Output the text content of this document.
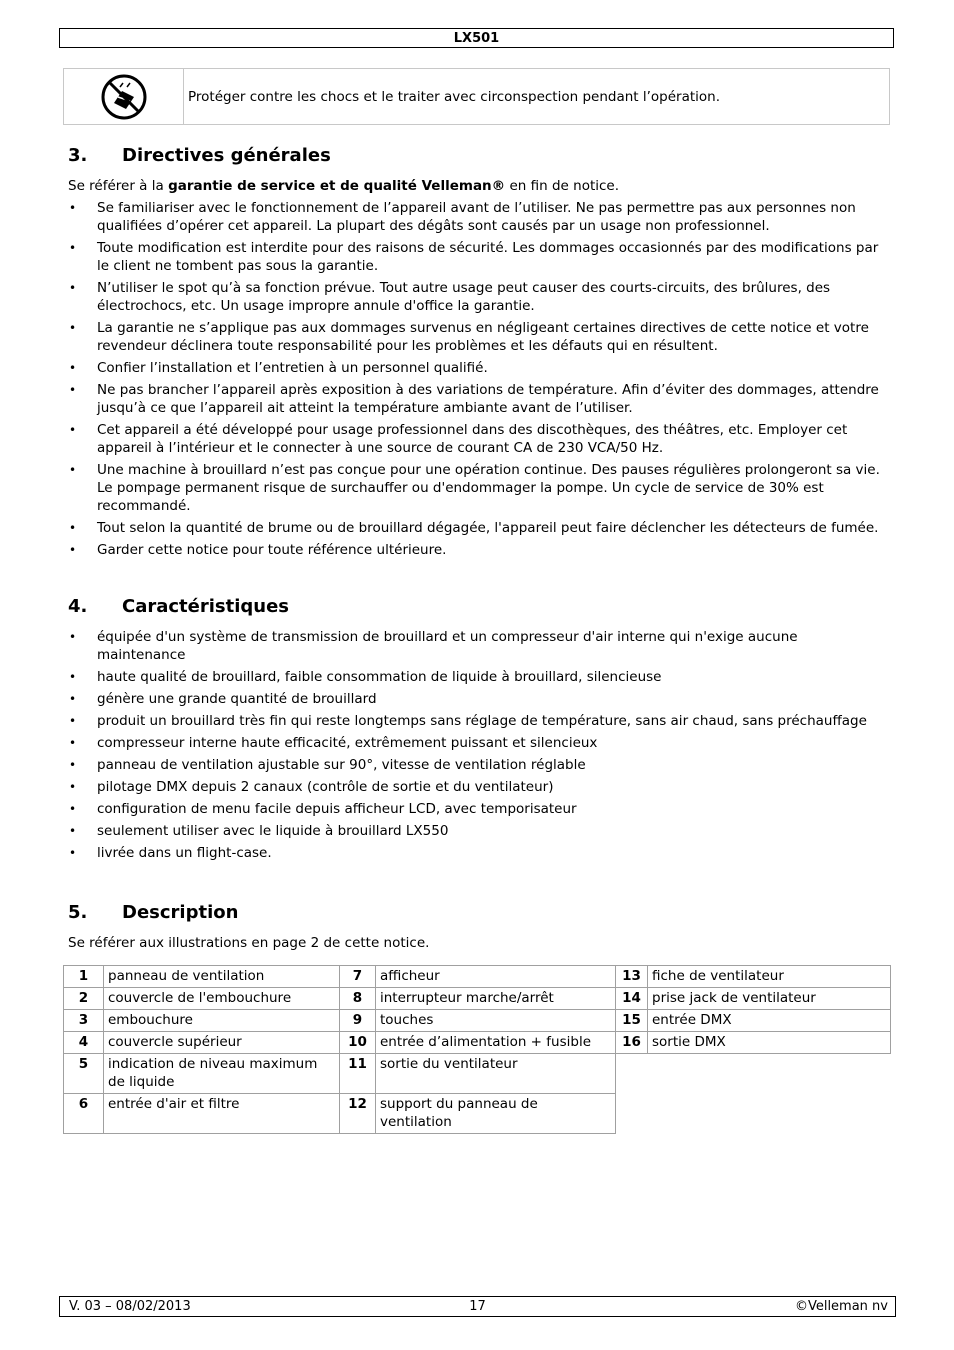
LX501
Protéger contre les chocs et le traiter avec circonspection pendant l’opération.
3. Directives générales

Se référer à la garantie de service et de qualité Velleman® en fin de notice.

• Se familiariser avec le fonctionnement de l’appareil avant de l’utiliser. Ne pas permettre pas aux personnes non qualifiées d’opérer cet appareil. La plupart des dégâts sont causés par un usage non professionnel.
• Toute modification est interdite pour des raisons de sécurité. Les dommages occasionnés par des modifications par le client ne tombent pas sous la garantie.
• N’utiliser le spot qu’à sa fonction prévue. Tout autre usage peut causer des courts-circuits, des brûlures, des électrochocs, etc. Un usage impropre annule d'office la garantie.
• La garantie ne s’applique pas aux dommages survenus en négligeant certaines directives de cette notice et votre revendeur déclinera toute responsabilité pour les problèmes et les défauts qui en résultent.
• Confier l’installation et l’entretien à un personnel qualifié.
• Ne pas brancher l’appareil après exposition à des variations de température. Afin d’éviter des dommages, attendre jusqu’à ce que l’appareil ait atteint la température ambiante avant de l’utiliser.
• Cet appareil a été développé pour usage professionnel dans des discothèques, des théâtres, etc. Employer cet appareil à l’intérieur et le connecter à une source de courant CA de 230 VCA/50 Hz.
• Une machine à brouillard n’est pas conçue pour une opération continue. Des pauses régulières prolongeront sa vie. Le pompage permanent risque de surchauffer ou d'endommager la pompe. Un cycle de service de 30% est recommandé.
• Tout selon la quantité de brume ou de brouillard dégagée, l'appareil peut faire déclencher les détecteurs de fumée.
• Garder cette notice pour toute référence ultérieure.
4. Caractéristiques
• équipée d'un système de transmission de brouillard et un compresseur d'air interne qui n'exige aucune maintenance
• haute qualité de brouillard, faible consommation de liquide à brouillard, silencieuse
• génère une grande quantité de brouillard
• produit un brouillard très fin qui reste longtemps sans réglage de température, sans air chaud, sans préchauffage
• compresseur interne haute efficacité, extrêmement puissant et silencieux
• panneau de ventilation ajustable sur 90°, vitesse de ventilation réglable
• pilotage DMX depuis 2 canaux (contrôle de sortie et du ventilateur)
• configuration de menu facile depuis afficheur LCD, avec temporisateur
• seulement utiliser avec le liquide à brouillard LX550
• livrée dans un flight-case.
5. Description

Se référer aux illustrations en page 2 de cette notice.

1	panneau de ventilation	7	afficheur	13	fiche de ventilateur
2	couvercle de l'embouchure	8	interrupteur marche/arrêt	14	prise jack de ventilateur
3	embouchure	9	touches	15	entrée DMX
4	couvercle supérieur	10	entrée d’alimentation + fusible	16	sortie DMX
5	indication de niveau maximum de liquide	11	sortie du ventilateur		
6	entrée d'air et filtre	12	support du panneau de ventilation		
V. 03 – 08/02/2013	17	©Velleman nv
